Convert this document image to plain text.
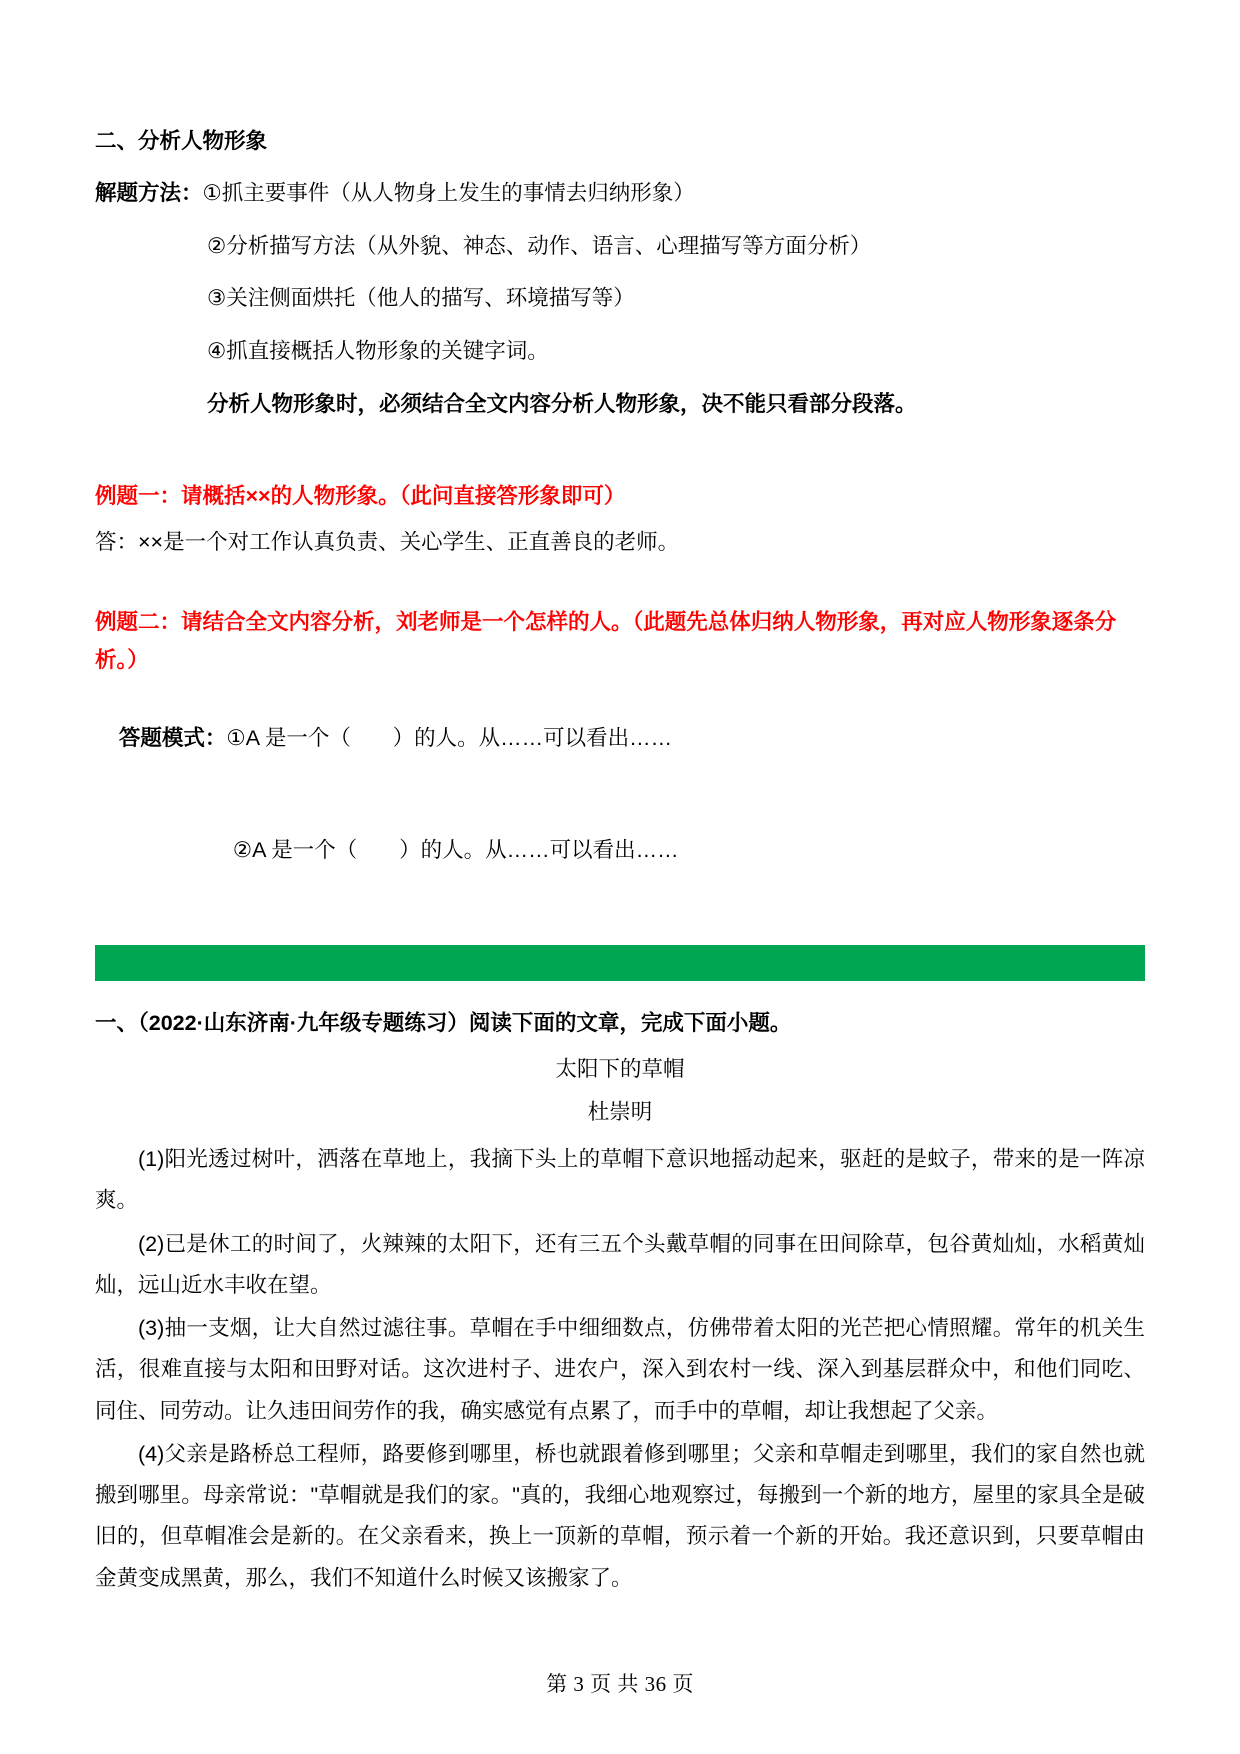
二、分析人物形象
解题方法： ①抓主要事件（从人物身上发生的事情去归纳形象）
②分析描写方法（从外貌、神态、动作、语言、心理描写等方面分析）
③关注侧面烘托（他人的描写、环境描写等）
④抓直接概括人物形象的关键字词。
分析人物形象时，必须结合全文内容分析人物形象，决不能只看部分段落。
例题一：请概括××的人物形象。（此问直接答形象即可）
答：××是一个对工作认真负责、关心学生、正直善良的老师。
例题二：请结合全文内容分析，刘老师是一个怎样的人。（此题先总体归纳人物形象，再对应人物形象逐条分析。）

答题模式：①A 是一个（       ）的人。从……可以看出……

②A 是一个（       ）的人。从……可以看出……

一、（2022·山东济南·九年级专题练习）阅读下面的文章，完成下面小题。
太阳下的草帽
杜崇明

(1)阳光透过树叶，洒落在草地上，我摘下头上的草帽下意识地摇动起来，驱赶的是蚊子，带来的是一阵凉爽。

(2)已是休工的时间了，火辣辣的太阳下，还有三五个头戴草帽的同事在田间除草，包谷黄灿灿，水稻黄灿灿，远山近水丰收在望。

(3)抽一支烟，让大自然过滤往事。草帽在手中细细数点，仿佛带着太阳的光芒把心情照耀。常年的机关生活，很难直接与太阳和田野对话。这次进村子、进农户，深入到农村一线、深入到基层群众中，和他们同吃、同住、同劳动。让久违田间劳作的我，确实感觉有点累了，而手中的草帽，却让我想起了父亲。

(4)父亲是路桥总工程师，路要修到哪里，桥也就跟着修到哪里；父亲和草帽走到哪里，我们的家自然也就搬到哪里。母亲常说："草帽就是我们的家。"真的，我细心地观察过，每搬到一个新的地方，屋里的家具全是破旧的，但草帽准会是新的。在父亲看来，换上一顶新的草帽，预示着一个新的开始。我还意识到，只要草帽由金黄变成黑黄，那么，我们不知道什么时候又该搬家了。

第 3 页 共 36 页
